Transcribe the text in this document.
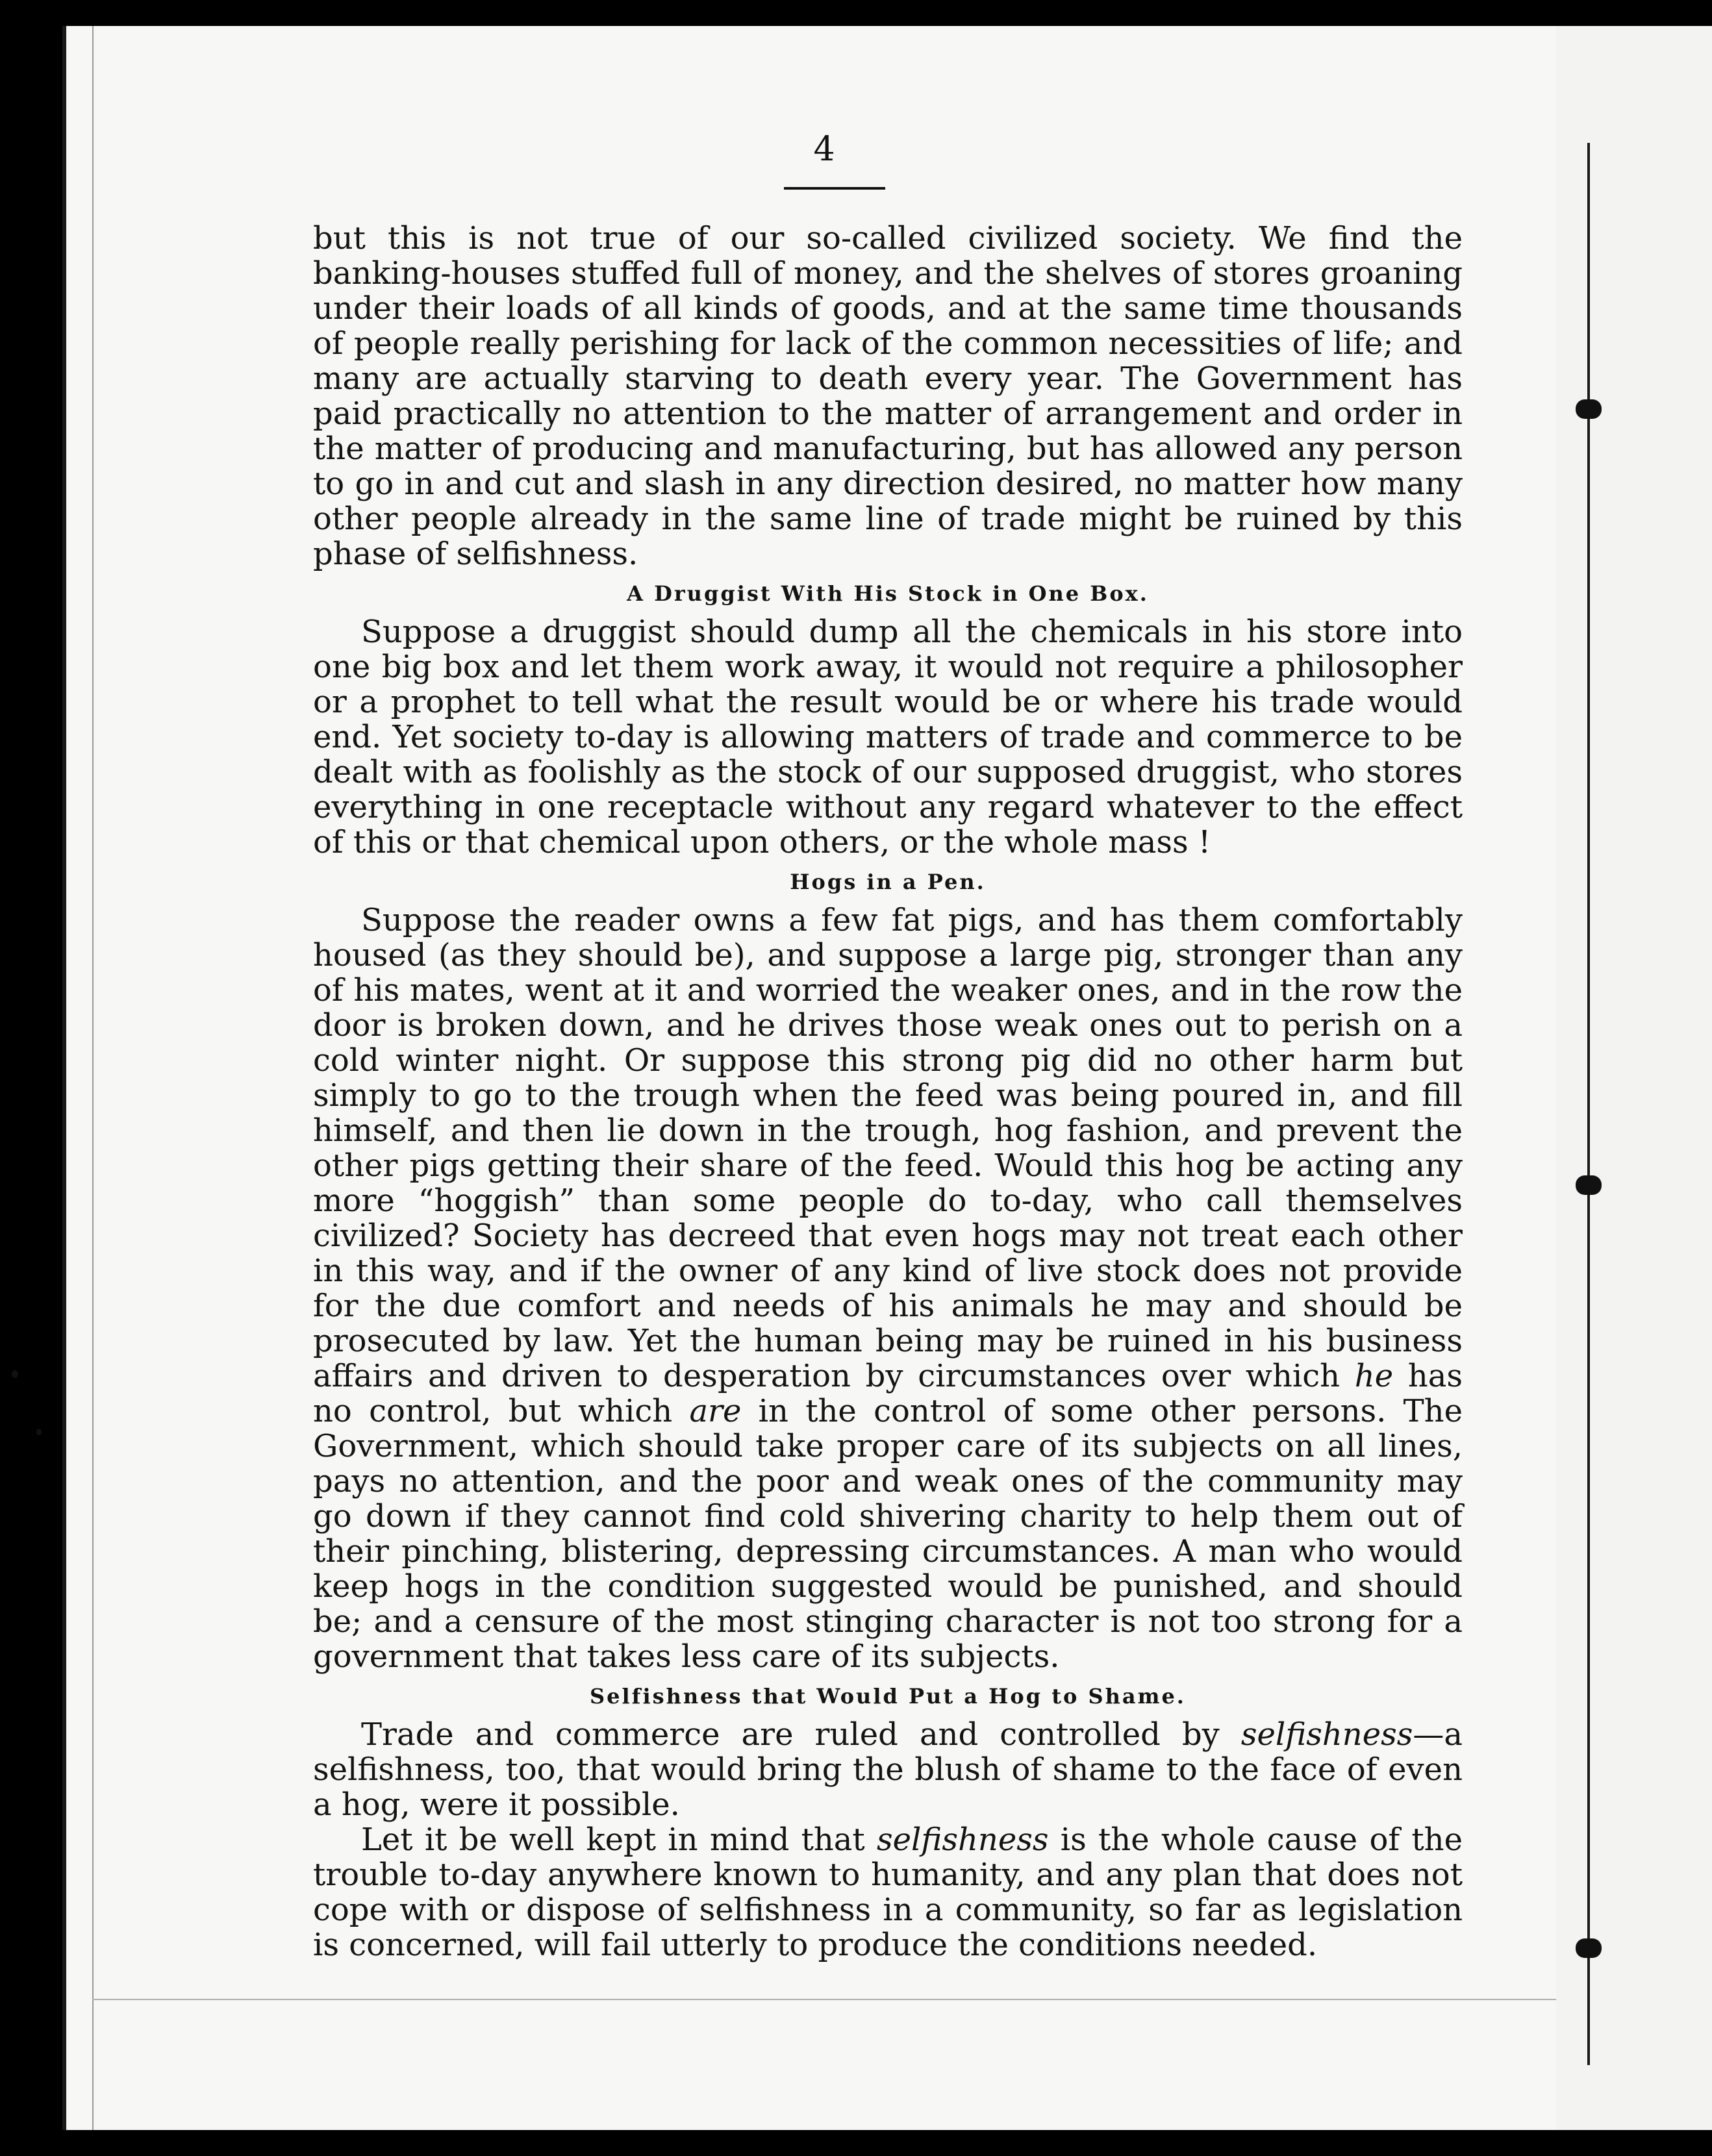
4

but this is not true of our so-called civilized society. We find the banking-houses stuffed full of money, and the shelves of stores groaning under their loads of all kinds of goods, and at the same time thousands of people really perishing for lack of the common necessities of life; and many are actually starving to death every year. The Government has paid practically no attention to the matter of arrangement and order in the matter of producing and manufacturing, but has allowed any person to go in and cut and slash in any direction desired, no matter how many other people already in the same line of trade might be ruined by this phase of selfishness.

A Druggist With His Stock in One Box.

Suppose a druggist should dump all the chemicals in his store into one big box and let them work away, it would not require a philosopher or a prophet to tell what the result would be or where his trade would end. Yet society to-day is allowing matters of trade and commerce to be dealt with as foolishly as the stock of our supposed druggist, who stores everything in one receptacle without any regard whatever to the effect of this or that chemical upon others, or the whole mass !

Hogs in a Pen.

Suppose the reader owns a few fat pigs, and has them comfortably housed (as they should be), and suppose a large pig, stronger than any of his mates, went at it and worried the weaker ones, and in the row the door is broken down, and he drives those weak ones out to perish on a cold winter night. Or suppose this strong pig did no other harm but simply to go to the trough when the feed was being poured in, and fill himself, and then lie down in the trough, hog fashion, and prevent the other pigs getting their share of the feed. Would this hog be acting any more “hoggish” than some people do to-day, who call themselves civilized? Society has decreed that even hogs may not treat each other in this way, and if the owner of any kind of live stock does not provide for the due comfort and needs of his animals he may and should be prosecuted by law. Yet the human being may be ruined in his business affairs and driven to desperation by circumstances over which he has no control, but which are in the control of some other persons. The Government, which should take proper care of its subjects on all lines, pays no attention, and the poor and weak ones of the community may go down if they cannot find cold shivering charity to help them out of their pinching, blistering, depressing circumstances. A man who would keep hogs in the condition suggested would be punished, and should be; and a censure of the most stinging character is not too strong for a government that takes less care of its subjects.

Selfishness that Would Put a Hog to Shame.

Trade and commerce are ruled and controlled by selfishness—a selfishness, too, that would bring the blush of shame to the face of even a hog, were it possible.

Let it be well kept in mind that selfishness is the whole cause of the trouble to-day anywhere known to humanity, and any plan that does not cope with or dispose of selfishness in a community, so far as legislation is concerned, will fail utterly to produce the conditions needed.
